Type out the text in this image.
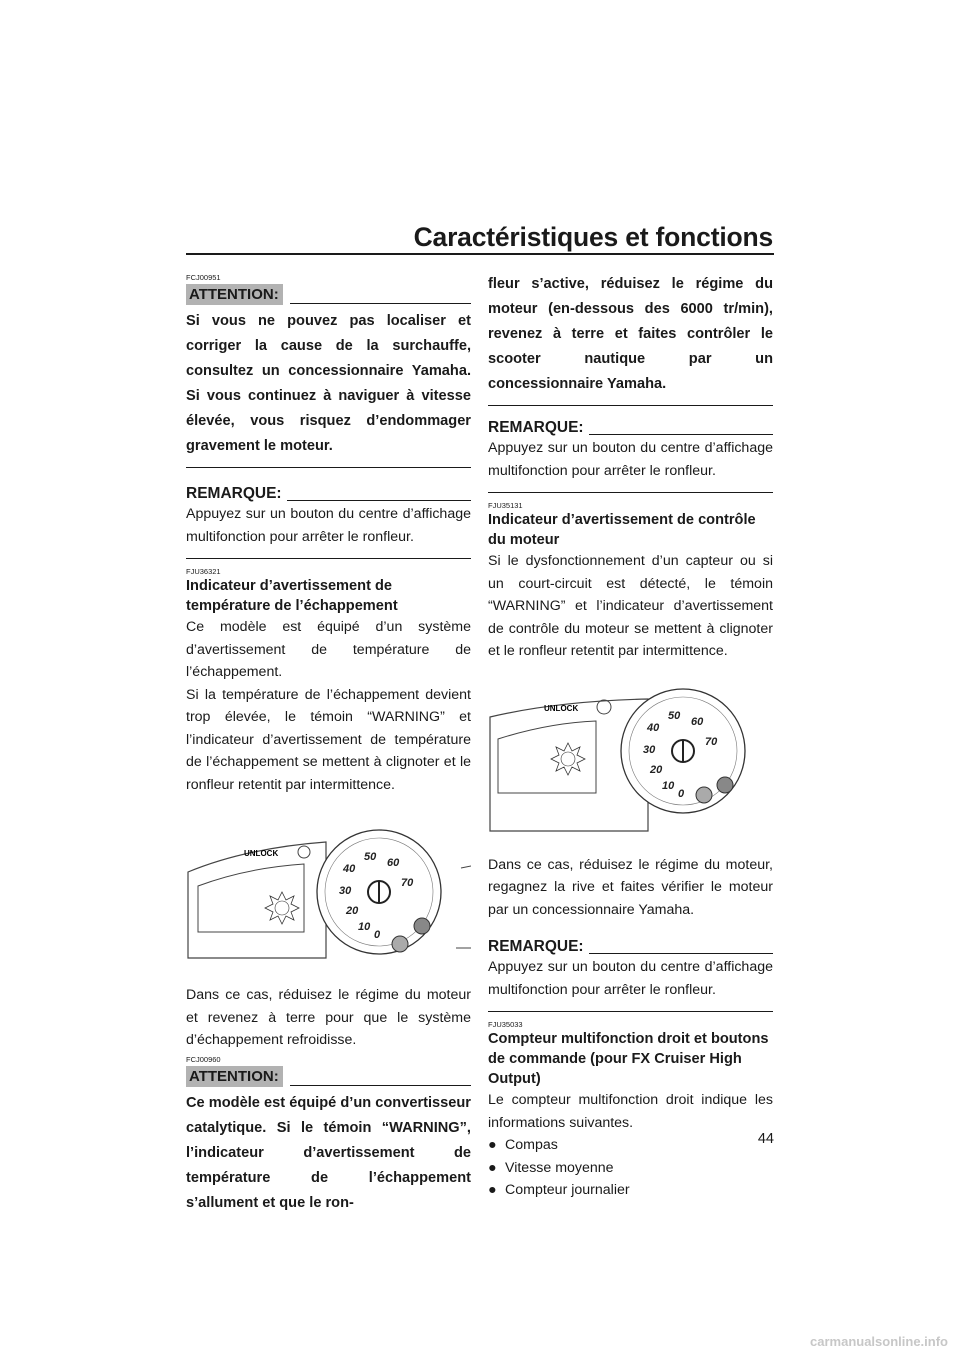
Caractéristiques et fonctions

FCJ00951

ATTENTION:

Si vous ne pouvez pas localiser et corriger la cause de la surchauffe, consultez un concessionnaire Yamaha. Si vous continuez à naviguer à vitesse élevée, vous risquez d’endommager gravement le moteur.

REMARQUE:

Appuyez sur un bouton du centre d’affichage multifonction pour arrêter le ronfleur.

FJU36321

Indicateur d’avertissement de température de l’échappement

Ce modèle est équipé d’un système d’avertissement de température de l’échappement.

Si la température de l’échappement devient trop élevée, le témoin “WARNING” et l’indicateur d’avertissement de température de l’échappement se mettent à clignoter et le ronfleur retentit par intermittence.

UNLOCK	50 60
40
70
30
20
10
0

Dans ce cas, réduisez le régime du moteur et revenez à terre pour que le système d’échappement refroidisse.

FCJ00960

ATTENTION:

Ce modèle est équipé d’un convertisseur catalytique. Si le témoin “WARNING”, l’indicateur d’avertissement de température de l’échappement s’allument et que le ron-

fleur s’active, réduisez le régime du moteur (en-dessous des 6000 tr/min), revenez à terre et faites contrôler le scooter nautique par un concessionnaire Yamaha.

REMARQUE:

Appuyez sur un bouton du centre d’affichage multifonction pour arrêter le ronfleur.

FJU35131

Indicateur d’avertissement de contrôle du moteur

Si le dysfonctionnement d’un capteur ou si un court-circuit est détecté, le témoin “WARNING” et l’indicateur d’avertissement de contrôle du moteur se mettent à clignoter et le ronfleur retentit par intermittence.

UNLOCK
50 60
40
70
30
20
10
0

Dans ce cas, réduisez le régime du moteur, regagnez la rive et faites vérifier le moteur par un concessionnaire Yamaha.

REMARQUE:

Appuyez sur un bouton du centre d’affichage multifonction pour arrêter le ronfleur.

FJU35033

Compteur multifonction droit et boutons de commande (pour FX Cruiser High Output)

Le compteur multifonction droit indique les informations suivantes.

● Compas

● Vitesse moyenne

● Compteur journalier

44

carmanualsonline.info
